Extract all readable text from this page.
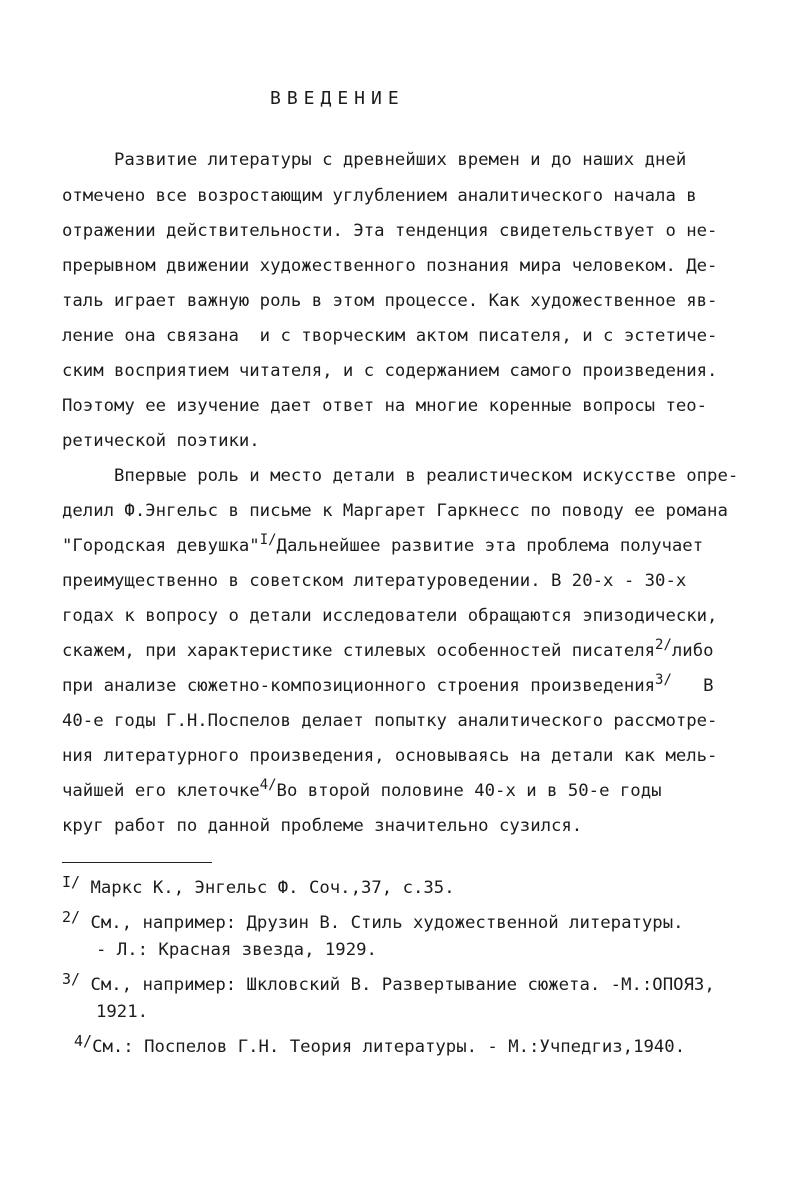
ВВЕДЕНИЕ
Развитие литературы с древнейших времен и до наших дней
отмечено все возростающим углублением аналитического начала в
отражении действительности. Эта тенденция свидетельствует о не-
прерывном движении художественного познания мира человеком. Де-
таль играет важную роль в этом процессе. Как художественное яв-
ление она связана  и с творческим актом писателя, и с эстетиче-
ским восприятием читателя, и с содержанием самого произведения.
Поэтому ее изучение дает ответ на многие коренные вопросы тео-
ретической поэтики.
Впервые роль и место детали в реалистическом искусстве опре-
делил Ф.Энгельс в письме к Маргарет Гаркнесс по поводу ее романа
"Городская девушка"$^{I/}$Дальнейшее развитие эта проблема получает
преимущественно в советском литературоведении. В 20-х - 30-х
годах к вопросу о детали исследователи обращаются эпизодически,
скажем, при характеристике стилевых особенностей писателя$^{2/}$либо
при анализе сюжетно-композиционного строения произведения$^{3/}$ В
40-е годы Г.Н.Поспелов делает попытку аналитического рассмотре-
ния литературного произведения, основываясь на детали как мель-
чайшей его клеточке$^{4/}$Во второй половине 40-х и в 50-е годы
круг работ по данной проблеме значительно сузился.
I/ Маркс К., Энгельс Ф. Соч.,37, с.35.
2/ См., например: Друзин В. Стиль художественной литературы.
- Л.: Красная звезда, 1929.
3/ См., например: Шкловский В. Развертывание сюжета. -М.:ОПОЯЗ,
1921.
4/См.: Поспелов Г.Н. Теория литературы. - М.:Учпедгиз,1940.
